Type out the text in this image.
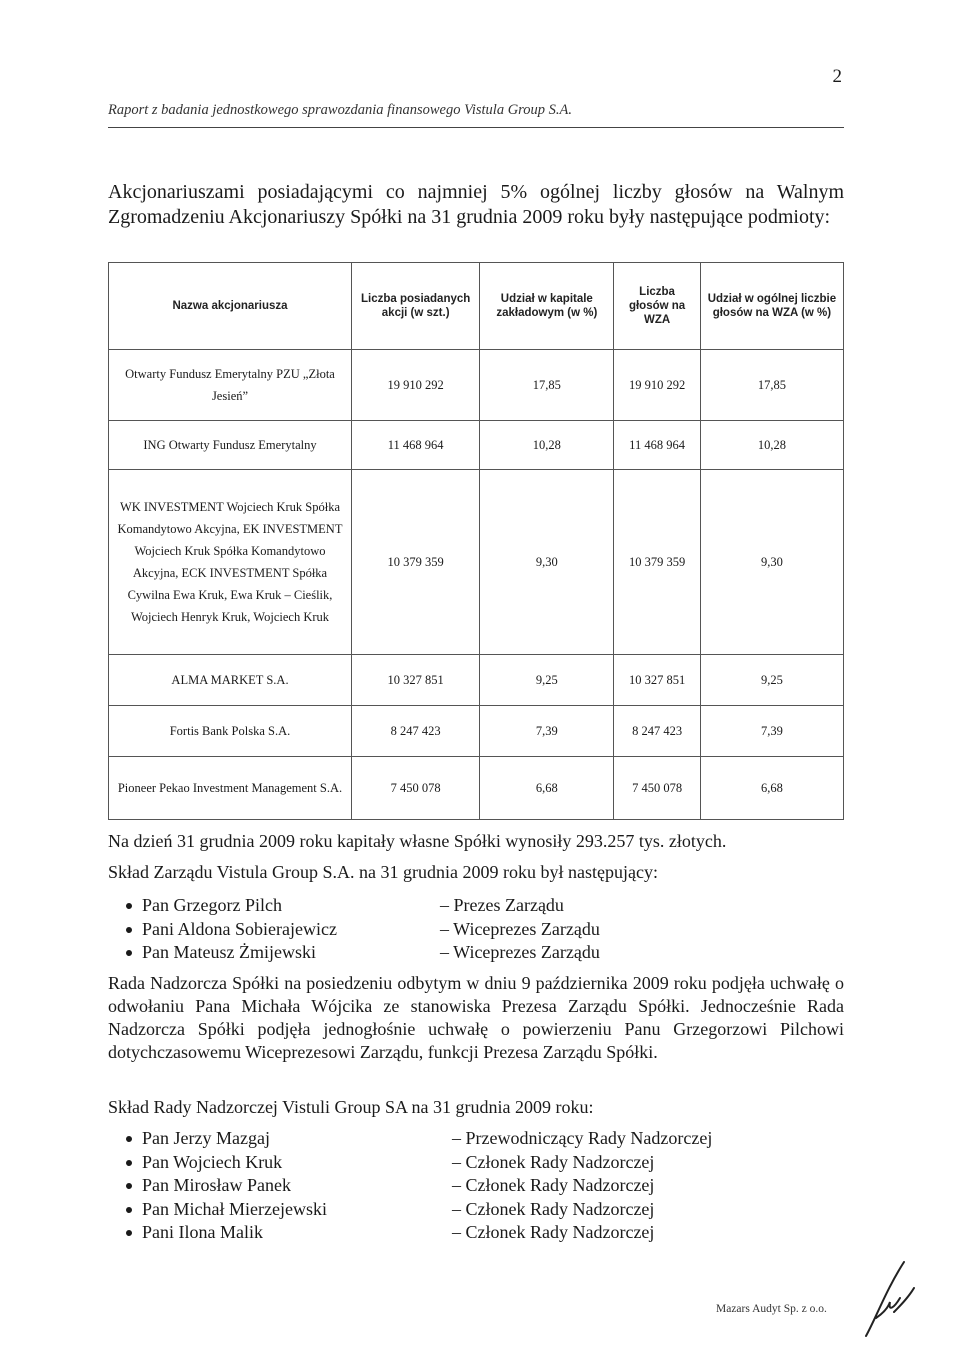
2
Raport z badania jednostkowego sprawozdania finansowego Vistula Group S.A.
Akcjonariuszami posiadającymi co najmniej 5% ogólnej liczby głosów na Walnym Zgromadzeniu Akcjonariuszy Spółki na 31 grudnia 2009 roku były następujące podmioty:
Nazwa akcjonariusza	Liczba posiadanych akcji (w szt.)	Udział w kapitale zakładowym (w %)	Liczba głosów na WZA	Udział w ogólnej liczbie głosów na WZA (w %)
Otwarty Fundusz Emerytalny PZU „Złota Jesień”	19 910 292	17,85	19 910 292	17,85
ING Otwarty Fundusz Emerytalny	11 468 964	10,28	11 468 964	10,28
WK INVESTMENT Wojciech Kruk Spółka Komandytowo Akcyjna, EK INVESTMENT Wojciech Kruk Spółka Komandytowo Akcyjna, ECK INVESTMENT Spółka Cywilna Ewa Kruk, Ewa Kruk – Cieślik, Wojciech Henryk Kruk, Wojciech Kruk	10 379 359	9,30	10 379 359	9,30
ALMA MARKET S.A.	10 327 851	9,25	10 327 851	9,25
Fortis Bank Polska S.A.	8 247 423	7,39	8 247 423	7,39
Pioneer Pekao Investment Management S.A.	7 450 078	6,68	7 450 078	6,68
Na dzień 31 grudnia 2009 roku kapitały własne Spółki wynosiły 293.257 tys. złotych.
Skład Zarządu Vistula Group S.A. na 31 grudnia 2009 roku był następujący:
Pan Grzegorz Pilch	– Prezes Zarządu
Pani Aldona Sobierajewicz	– Wiceprezes Zarządu
Pan Mateusz Żmijewski	– Wiceprezes Zarządu
Rada Nadzorcza Spółki na posiedzeniu odbytym w dniu 9 października 2009 roku podjęła uchwałę o odwołaniu Pana Michała Wójcika ze stanowiska Prezesa Zarządu Spółki. Jednocześnie Rada Nadzorcza Spółki podjęła jednogłośnie uchwałę o powierzeniu Panu Grzegorzowi Pilchowi dotychczasowemu Wiceprezesowi Zarządu, funkcji Prezesa Zarządu Spółki.
Skład Rady Nadzorczej Vistuli Group SA na 31 grudnia 2009 roku:
Pan Jerzy Mazgaj	– Przewodniczący Rady Nadzorczej
Pan Wojciech Kruk	– Członek Rady Nadzorczej
Pan Mirosław Panek	– Członek Rady Nadzorczej
Pan Michał Mierzejewski	– Członek Rady Nadzorczej
Pani Ilona Malik	– Członek Rady Nadzorczej
Mazars Audyt Sp. z o.o.
